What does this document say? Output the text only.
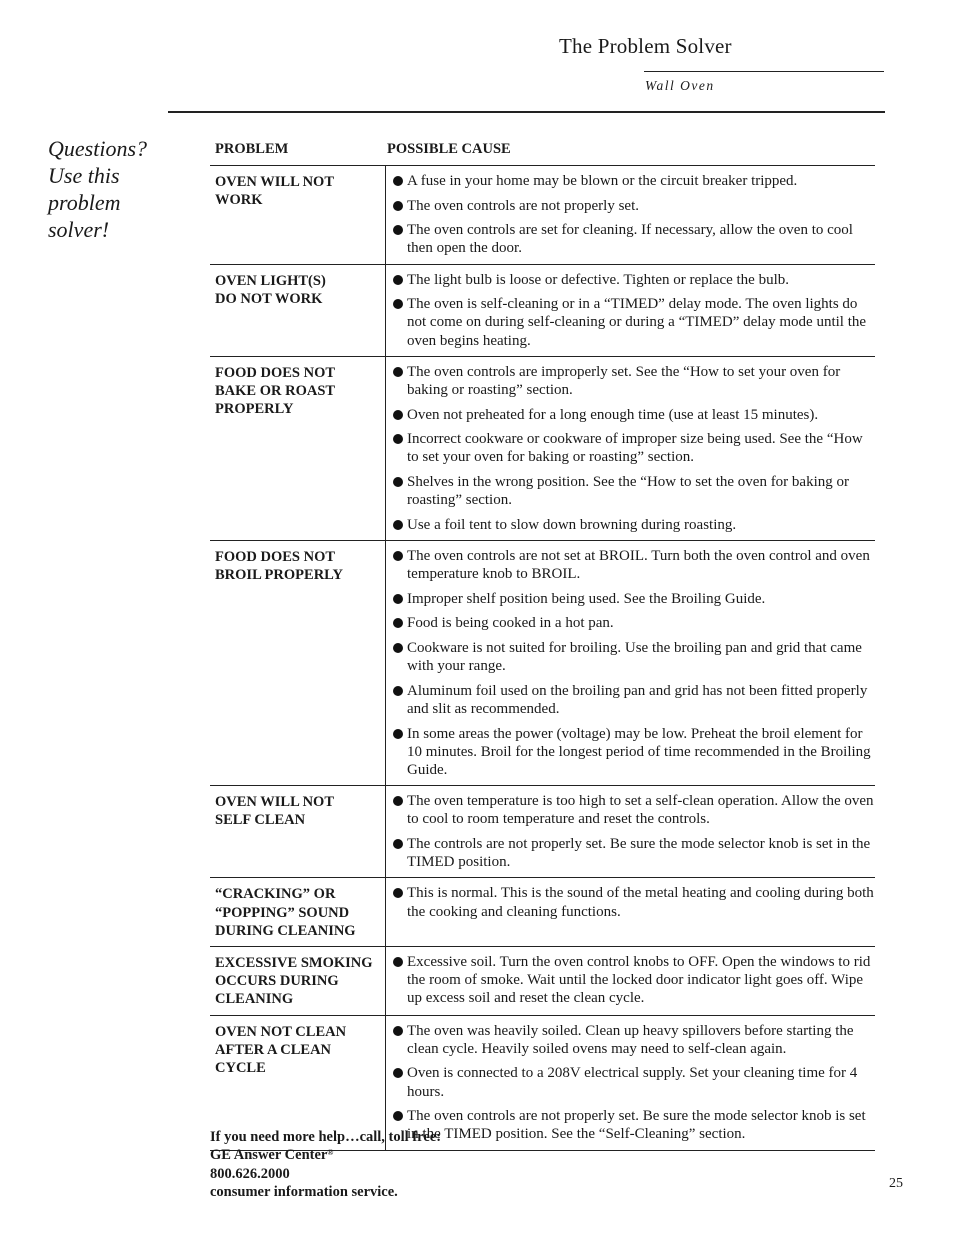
The Problem Solver
Wall Oven
Questions?
Use this
problem
solver!
PROBLEM	POSSIBLE CAUSE
OVEN WILL NOT
WORK
A fuse in your home may be blown or the circuit breaker tripped.
The oven controls are not properly set.
The oven controls are set for cleaning. If necessary, allow the oven to cool then open the door.
OVEN LIGHT(S)
DO NOT WORK
The light bulb is loose or defective. Tighten or replace the bulb.
The oven is self-cleaning or in a “TIMED” delay mode. The oven lights do not come on during self-cleaning or during a “TIMED” delay mode until the oven begins heating.
FOOD DOES NOT
BAKE OR ROAST
PROPERLY
The oven controls are improperly set. See the “How to set your oven for baking or roasting” section.
Oven not preheated for a long enough time (use at least 15 minutes).
Incorrect cookware or cookware of improper size being used. See the “How to set your oven for baking or roasting” section.
Shelves in the wrong position. See the “How to set the oven for baking or roasting” section.
Use a foil tent to slow down browning during roasting.
FOOD DOES NOT
BROIL PROPERLY
The oven controls are not set at BROIL. Turn both the oven control and oven temperature knob to BROIL.
Improper shelf position being used. See the Broiling Guide.
Food is being cooked in a hot pan.
Cookware is not suited for broiling. Use the broiling pan and grid that came with your range.
Aluminum foil used on the broiling pan and grid has not been fitted properly and slit as recommended.
In some areas the power (voltage) may be low. Preheat the broil element for 10 minutes. Broil for the longest period of time recommended in the Broiling Guide.
OVEN WILL NOT
SELF CLEAN
The oven temperature is too high to set a self-clean operation. Allow the oven to cool to room temperature and reset the controls.
The controls are not properly set. Be sure the mode selector knob is set in the TIMED position.
“CRACKING” OR
“POPPING” SOUND
DURING CLEANING
This is normal. This is the sound of the metal heating and cooling during both the cooking and cleaning functions.
EXCESSIVE SMOKING
OCCURS DURING
CLEANING
Excessive soil. Turn the oven control knobs to OFF. Open the windows to rid the room of smoke. Wait until the locked door indicator light goes off. Wipe up excess soil and reset the clean cycle.
OVEN NOT CLEAN
AFTER A CLEAN
CYCLE
The oven was heavily soiled. Clean up heavy spillovers before starting the clean cycle. Heavily soiled ovens may need to self-clean again.
Oven is connected to a 208V electrical supply. Set your cleaning time for 4 hours.
The oven controls are not properly set. Be sure the mode selector knob is set in the TIMED position. See the “Self-Cleaning” section.
If you need more help…call, toll free:
GE Answer Center®
800.626.2000
consumer information service.
25
